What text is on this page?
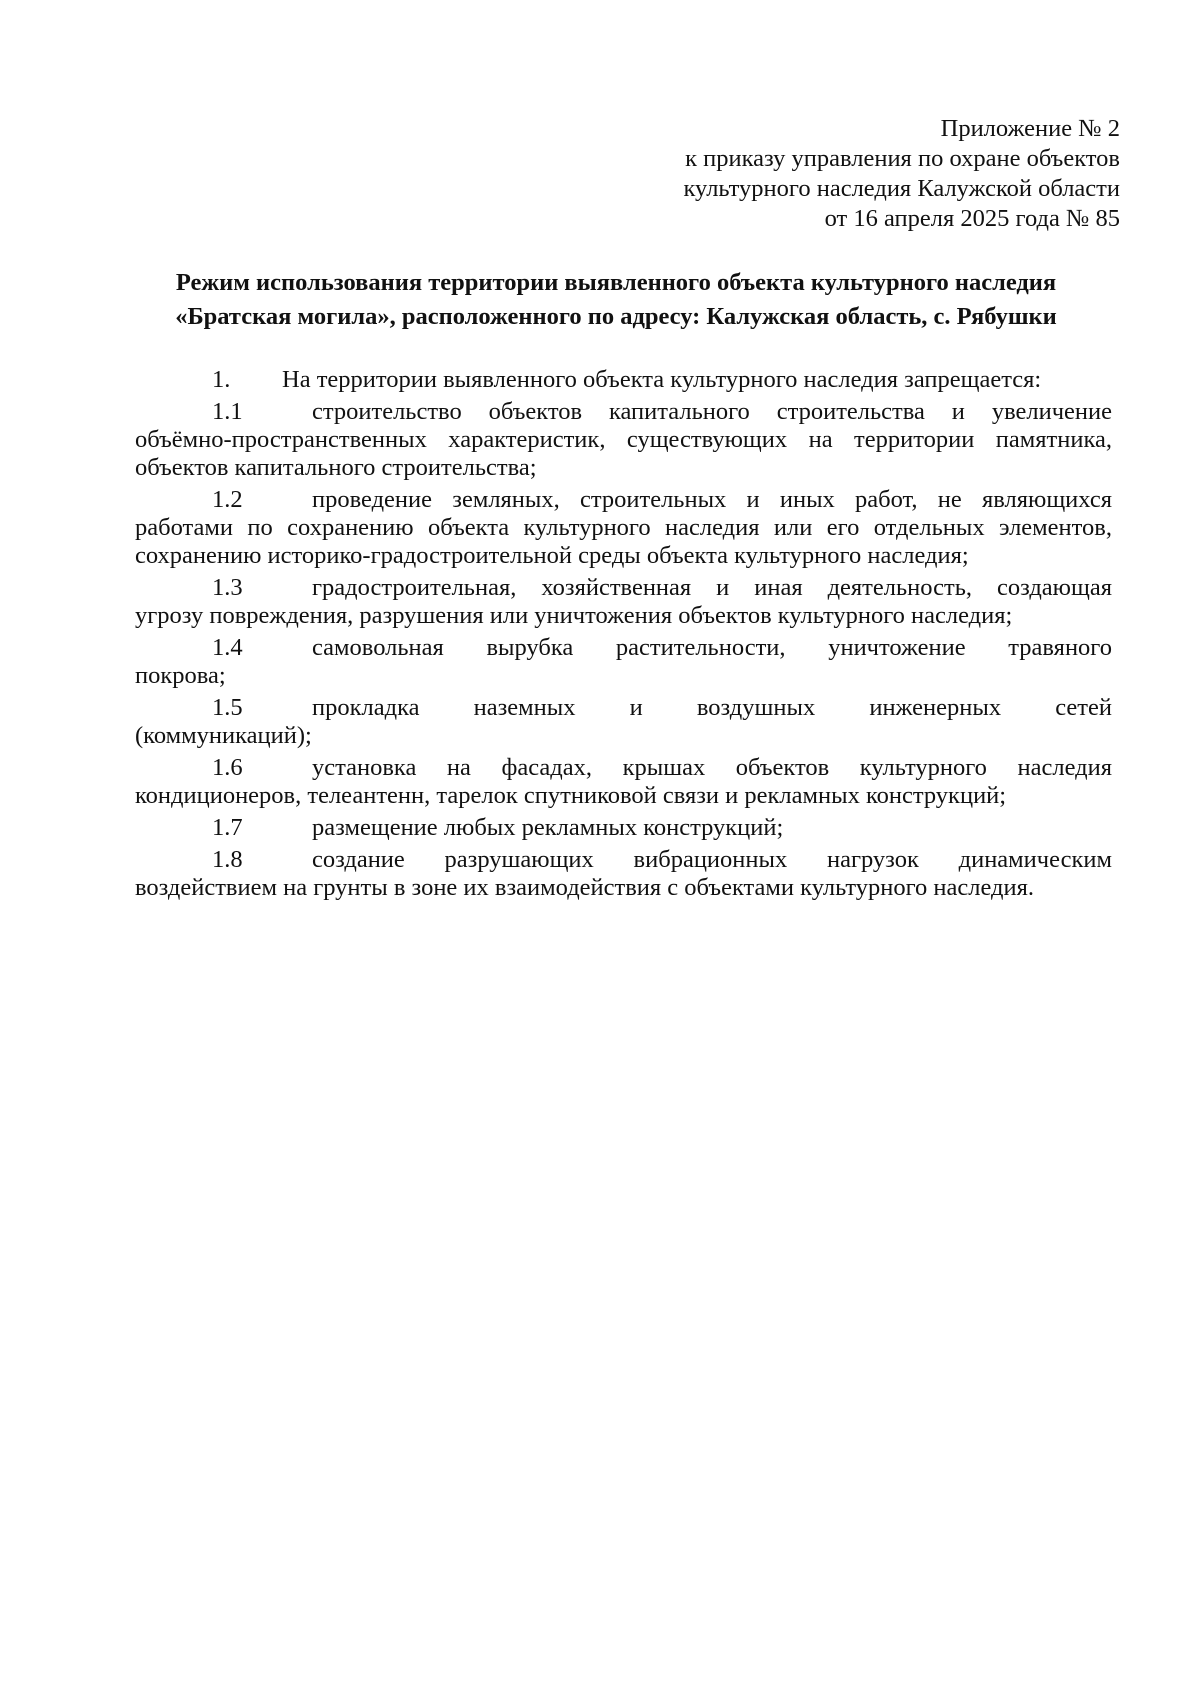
Приложение № 2
к приказу управления по охране объектов
культурного наследия Калужской области
от 16 апреля 2025 года № 85
Режим использования территории выявленного объекта культурного наследия
«Братская могила», расположенного по адресу: Калужская область, с. Рябушки
1.	На территории выявленного объекта культурного наследия запрещается:
1.1	строительство объектов капитального строительства и увеличение
объёмно-пространственных характеристик, существующих на территории памятника,
объектов капитального строительства;
1.2	проведение земляных, строительных и иных работ, не являющихся
работами по сохранению объекта культурного наследия или его отдельных элементов,
сохранению историко-градостроительной среды объекта культурного наследия;
1.3	градостроительная, хозяйственная и иная деятельность, создающая
угрозу повреждения, разрушения или уничтожения объектов культурного наследия;
1.4	самовольная вырубка растительности, уничтожение травяного
покрова;
1.5	прокладка наземных и воздушных инженерных сетей
(коммуникаций);
1.6	установка на фасадах, крышах объектов культурного наследия
кондиционеров, телеантенн, тарелок спутниковой связи и рекламных конструкций;
1.7	размещение любых рекламных конструкций;
1.8	создание разрушающих вибрационных нагрузок динамическим
воздействием на грунты в зоне их взаимодействия с объектами культурного наследия.
